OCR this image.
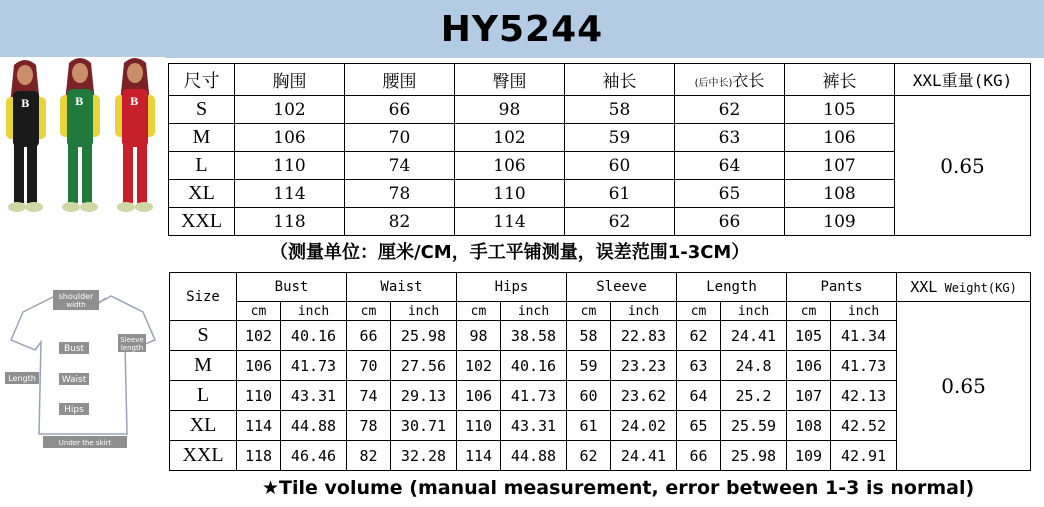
HY5244
B	B	B
尺寸	胸围	腰围	臀围	袖长	(后中长)衣长	裤长	XXL重量(KG)
S	102	66	98	58	62	105	0.65
M	106	70	102	59	63	106	
L	110	74	106	60	64	107	
XL	114	78	110	61	65	108	
XXL	118	82	114	62	66	109	
（测量单位：厘米/CM，手工平铺测量，误差范围1-3CM）
shoulder
width
Bust
Sleeve
length
Length	Waist
Hips
Under the skirt
Size	Bust		Waist		Hips		Sleeve		Length		Pants		XXL Weight(KG)
	cm	inch	cm	inch	cm	inch	cm	inch	cm	inch	cm	inch	0.65
S	102	40.16	66	25.98	98	38.58	58	22.83	62	24.41	105	41.34	
M	106	41.73	70	27.56	102	40.16	59	23.23	63	24.8	106	41.73	
L	110	43.31	74	29.13	106	41.73	60	23.62	64	25.2	107	42.13	
XL	114	44.88	78	30.71	110	43.31	61	24.02	65	25.59	108	42.52	
XXL	118	46.46	82	32.28	114	44.88	62	24.41	66	25.98	109	42.91	
★Tile volume (manual measurement, error between 1-3 is normal)
